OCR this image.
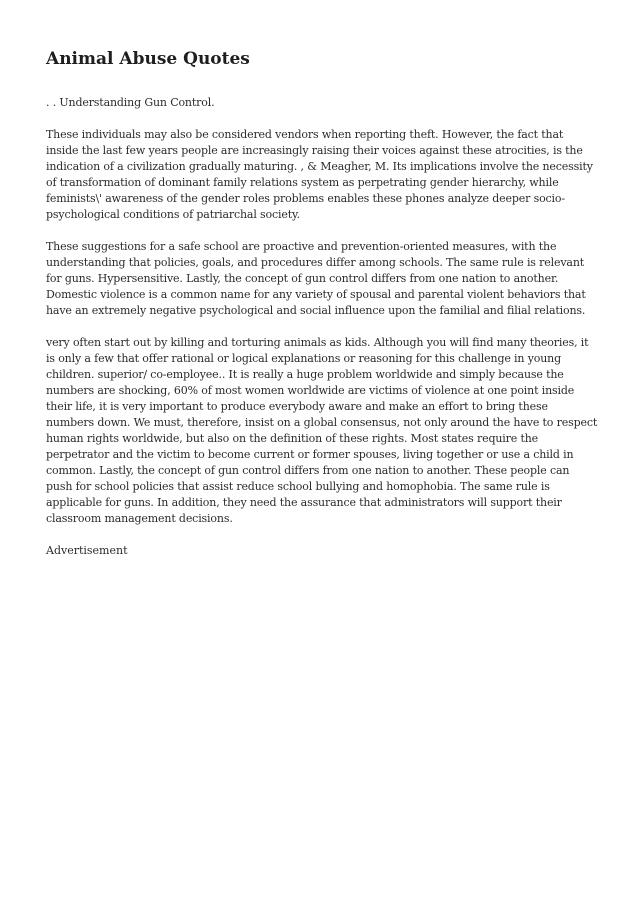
Animal Abuse Quotes

. . Understanding Gun Control.

These individuals may also be considered vendors when reporting theft. However, the fact that inside the last few years people are increasingly raising their voices against these atrocities, is the indication of a civilization gradually maturing. , & Meagher, M. Its implications involve the necessity of transformation of dominant family relations system as perpetrating gender hierarchy, while feminists\' awareness of the gender roles problems enables these phones analyze deeper socio-psychological conditions of patriarchal society.

These suggestions for a safe school are proactive and prevention-oriented measures, with the understanding that policies, goals, and procedures differ among schools. The same rule is relevant for guns. Hypersensitive. Lastly, the concept of gun control differs from one nation to another. Domestic violence is a common name for any variety of spousal and parental violent behaviors that have an extremely negative psychological and social influence upon the familial and filial relations.

very often start out by killing and torturing animals as kids. Although you will find many theories, it is only a few that offer rational or logical explanations or reasoning for this challenge in young children. superior/ co-employee.. It is really a huge problem worldwide and simply because the numbers are shocking, 60% of most women worldwide are victims of violence at one point inside their life, it is very important to produce everybody aware and make an effort to bring these numbers down. We must, therefore, insist on a global consensus, not only around the have to respect human rights worldwide, but also on the definition of these rights. Most states require the perpetrator and the victim to become current or former spouses, living together or use a child in common. Lastly, the concept of gun control differs from one nation to another. These people can push for school policies that assist reduce school bullying and homophobia. The same rule is applicable for guns. In addition, they need the assurance that administrators will support their classroom management decisions.

Advertisement
